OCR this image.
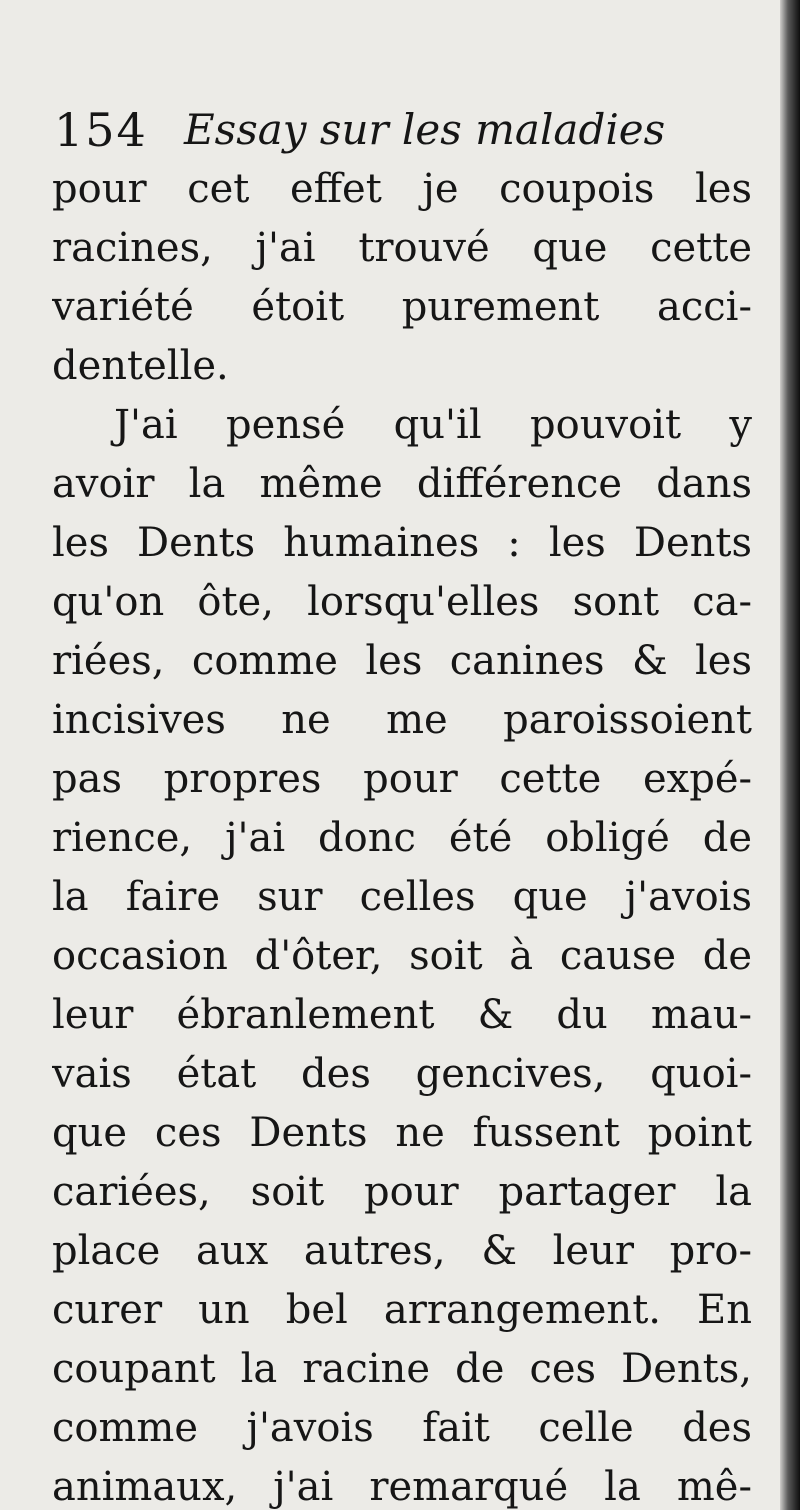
154 Essay sur les maladies
pour cet effet je coupois les
racines, j'ai trouvé que cette
variété étoit purement acci-
dentelle.
J'ai pensé qu'il pouvoit y
avoir la même différence dans
les Dents humaines : les Dents
qu'on ôte, lorsqu'elles sont ca-
riées, comme les canines & les
incisives ne me paroissoient
pas propres pour cette expé-
rience, j'ai donc été obligé de
la faire sur celles que j'avois
occasion d'ôter, soit à cause de
leur ébranlement & du mau-
vais état des gencives, quoi-
que ces Dents ne fussent point
cariées, soit pour partager la
place aux autres, & leur pro-
curer un bel arrangement. En
coupant la racine de ces Dents,
comme j'avois fait celle des
animaux, j'ai remarqué la mê-
